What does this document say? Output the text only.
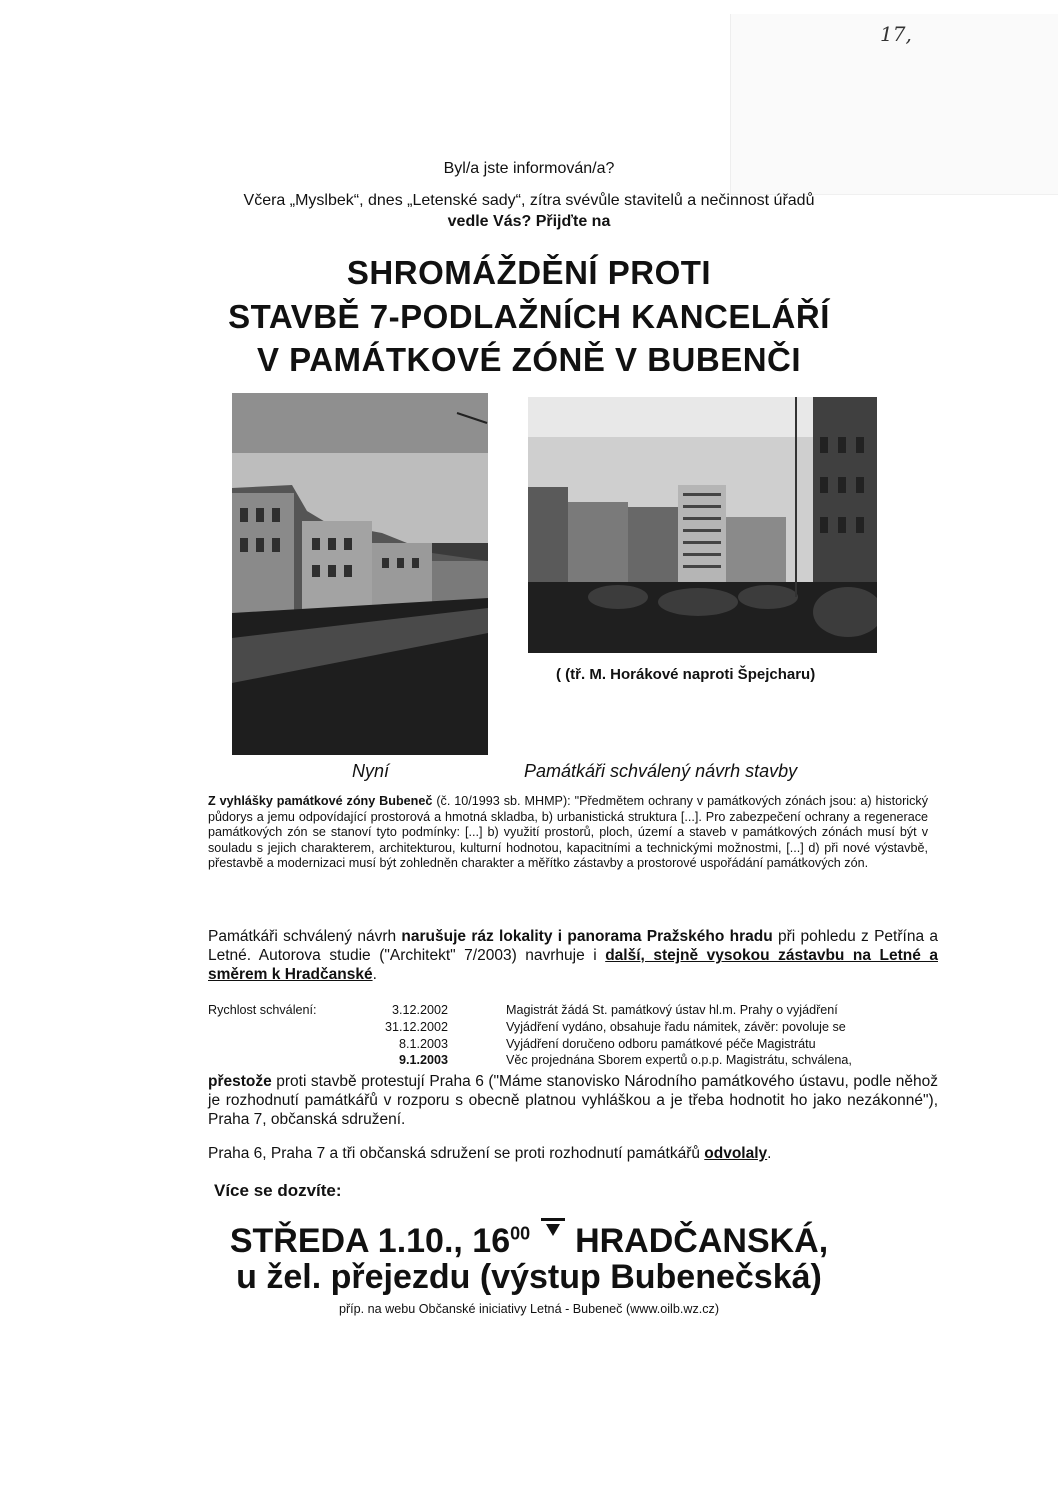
17,
Byl/a jste informován/a?
Včera „Myslbek“, dnes „Letenské sady“, zítra svévůle stavitelů a nečinnost úřadů
vedle Vás? Přijďte na
SHROMÁŽDĚNÍ PROTI
STAVBĚ 7-PODLAŽNÍCH KANCELÁŘÍ
V PAMÁTKOVÉ ZÓNĚ V BUBENČI
( (tř. M. Horákové naproti Špejcharu)
Nyní	Památkáři schválený návrh stavby
Z vyhlášky památkové zóny Bubeneč (č. 10/1993 sb. MHMP): "Předmětem ochrany v památkových zónách jsou: a) historický půdorys a jemu odpovídající prostorová a hmotná skladba, b) urbanistická struktura [...]. Pro zabezpečení ochrany a regenerace památkových zón se stanoví tyto podmínky: [...] b) využití prostorů, ploch, území a staveb v památkových zónách musí být v souladu s jejich charakterem, architekturou, kulturní hodnotou, kapacitními a technickými možnostmi, [...] d) při nové výstavbě, přestavbě a modernizaci musí být zohledněn charakter a měřítko zástavby a prostorové uspořádání památkových zón.
Památkáři schválený návrh narušuje ráz lokality i panorama Pražského hradu při pohledu z Petřína a Letné. Autorova studie ("Architekt" 7/2003) navrhuje i další, stejně vysokou zástavbu na Letné a směrem k Hradčanské.
Rychlost schválení:	3.12.2002	Magistrát žádá St. památkový ústav hl.m. Prahy o vyjádření
31.12.2002	Vyjádření vydáno, obsahuje řadu námitek, závěr: povoluje se
8.1.2003	Vyjádření doručeno odboru památkové péče Magistrátu
9.1.2003	Věc projednána Sborem expertů o.p.p. Magistrátu, schválena,
přestože proti stavbě protestují Praha 6 ("Máme stanovisko Národního památkového ústavu, podle něhož je rozhodnutí památkářů v rozporu s obecně platnou vyhláškou a je třeba hodnotit ho jako nezákonné"), Praha 7, občanská sdružení.
Praha 6, Praha 7 a tři občanská sdružení se proti rozhodnutí památkářů odvolaly.
Více se dozvíte:
STŘEDA 1.10., $16^{00}$ HRADČANSKÁ,
u žel. přejezdu (výstup Bubenečská)
příp. na webu Občanské iniciativy Letná - Bubeneč (www.oilb.wz.cz)
